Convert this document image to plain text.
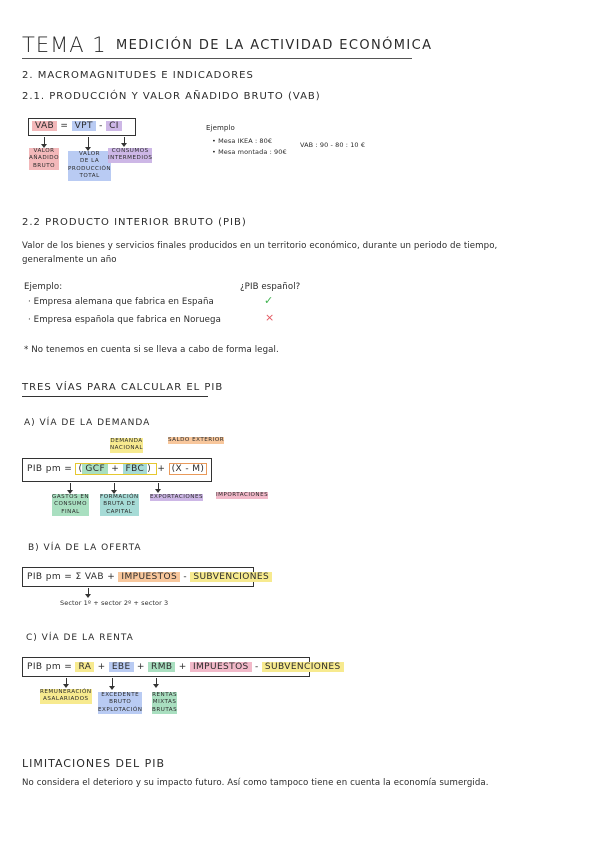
TEMA 1 MEDICIÓN DE LA ACTIVIDAD ECONÓMICA
2. MACROMAGNITUDES E INDICADORES
2.1. PRODUCCIÓN Y VALOR AÑADIDO BRUTO (VAB)
VAB = VPT - CI
VALOR
AÑADIDO
BRUTO
VALOR
DE LA
PRODUCCIÓN
TOTAL
CONSUMOS
INTERMEDIOS
Ejemplo
• Mesa IKEA : 80€
• Mesa montada : 90€
VAB : 90 - 80 : 10 €
2.2 PRODUCTO INTERIOR BRUTO (PIB)
Valor de los bienes y servicios finales producidos en un territorio económico, durante un periodo de tiempo,
generalmente un año
Ejemplo:	¿PIB español?
· Empresa alemana que fabrica en España
· Empresa española que fabrica en Noruega
✓
×
* No tenemos en cuenta si se lleva a cabo de forma legal.
TRES VÍAS PARA CALCULAR EL PIB
A) VÍA DE LA DEMANDA
DEMANDA
NACIONAL
SALDO EXTERIOR
PIB pm = ( GCF + FBC ) + (X - M)
GASTOS EN
CONSUMO
FINAL
FORMACIÓN
BRUTA DE
CAPITAL
EXPORTACIONES IMPORTACIONES
B) VÍA DE LA OFERTA
PIB pm = Σ VAB + IMPUESTOS - SUBVENCIONES
Sector 1º + sector 2º + sector 3
C) VÍA DE LA RENTA
PIB pm = RA + EBE + RMB + IMPUESTOS - SUBVENCIONES
REMUNERACIÓN
ASALARIADOS
EXCEDENTE
BRUTO
EXPLOTACIÓN
RENTAS
MIXTAS
BRUTAS
LIMITACIONES DEL PIB
No considera el deterioro y su impacto futuro. Así como tampoco tiene en cuenta la economía sumergida.
